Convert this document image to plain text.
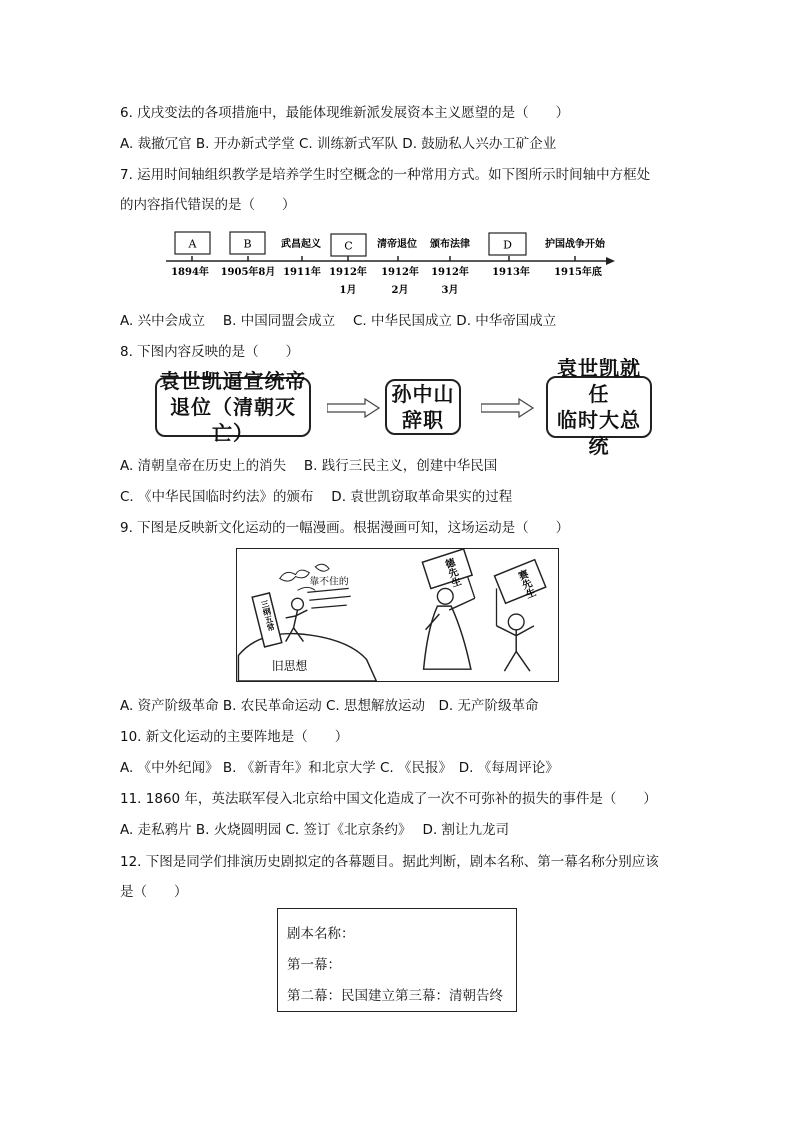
6. 戊戌变法的各项措施中，最能体现维新派发展资本主义愿望的是（　　）
A. 裁撤冗官 B. 开办新式学堂 C. 训练新式军队 D. 鼓励私人兴办工矿企业
7. 运用时间轴组织教学是培养学生时空概念的一种常用方式。如下图所示时间轴中方框处
的内容指代错误的是（　　）
A	B	C	D
武昌起义	清帝退位 颁布法律	护国战争开始
1894年 1905年8月 1911年 1912年
1月
1912年
2月
1912年
3月
1913年 1915年底
A. 兴中会成立　 B. 中国同盟会成立　 C. 中华民国成立 D. 中华帝国成立
8. 下图内容反映的是（　　）
袁世凯逼宣统帝
退位（清朝灭亡）
孙中山
辞职
袁世凯就任
临时大总统
A. 清朝皇帝在历史上的消失　 B. 践行三民主义，创建中华民国
C. 《中华民国临时约法》的颁布　 D. 袁世凯窃取革命果实的过程
9. 下图是反映新文化运动的一幅漫画。根据漫画可知，这场运动是（　　）
旧思想
三纲五常
靠不住的	德先生	赛先生
A. 资产阶级革命 B. 农民革命运动 C. 思想解放运动　D. 无产阶级革命
10. 新文化运动的主要阵地是（　　）
A. 《中外纪闻》 B. 《新青年》和北京大学 C. 《民报》　D. 《每周评论》
11. 1860 年，英法联军侵入北京给中国文化造成了一次不可弥补的损失的事件是（　　）
A. 走私鸦片 B. 火烧圆明园 C. 签订《北京条约》　 D. 割让九龙司
12. 下图是同学们排演历史剧拟定的各幕题目。据此判断，剧本名称、第一幕名称分别应该
是（　　）
剧本名称：
第一幕：
第二幕：民国建立第三幕：清朝告终
